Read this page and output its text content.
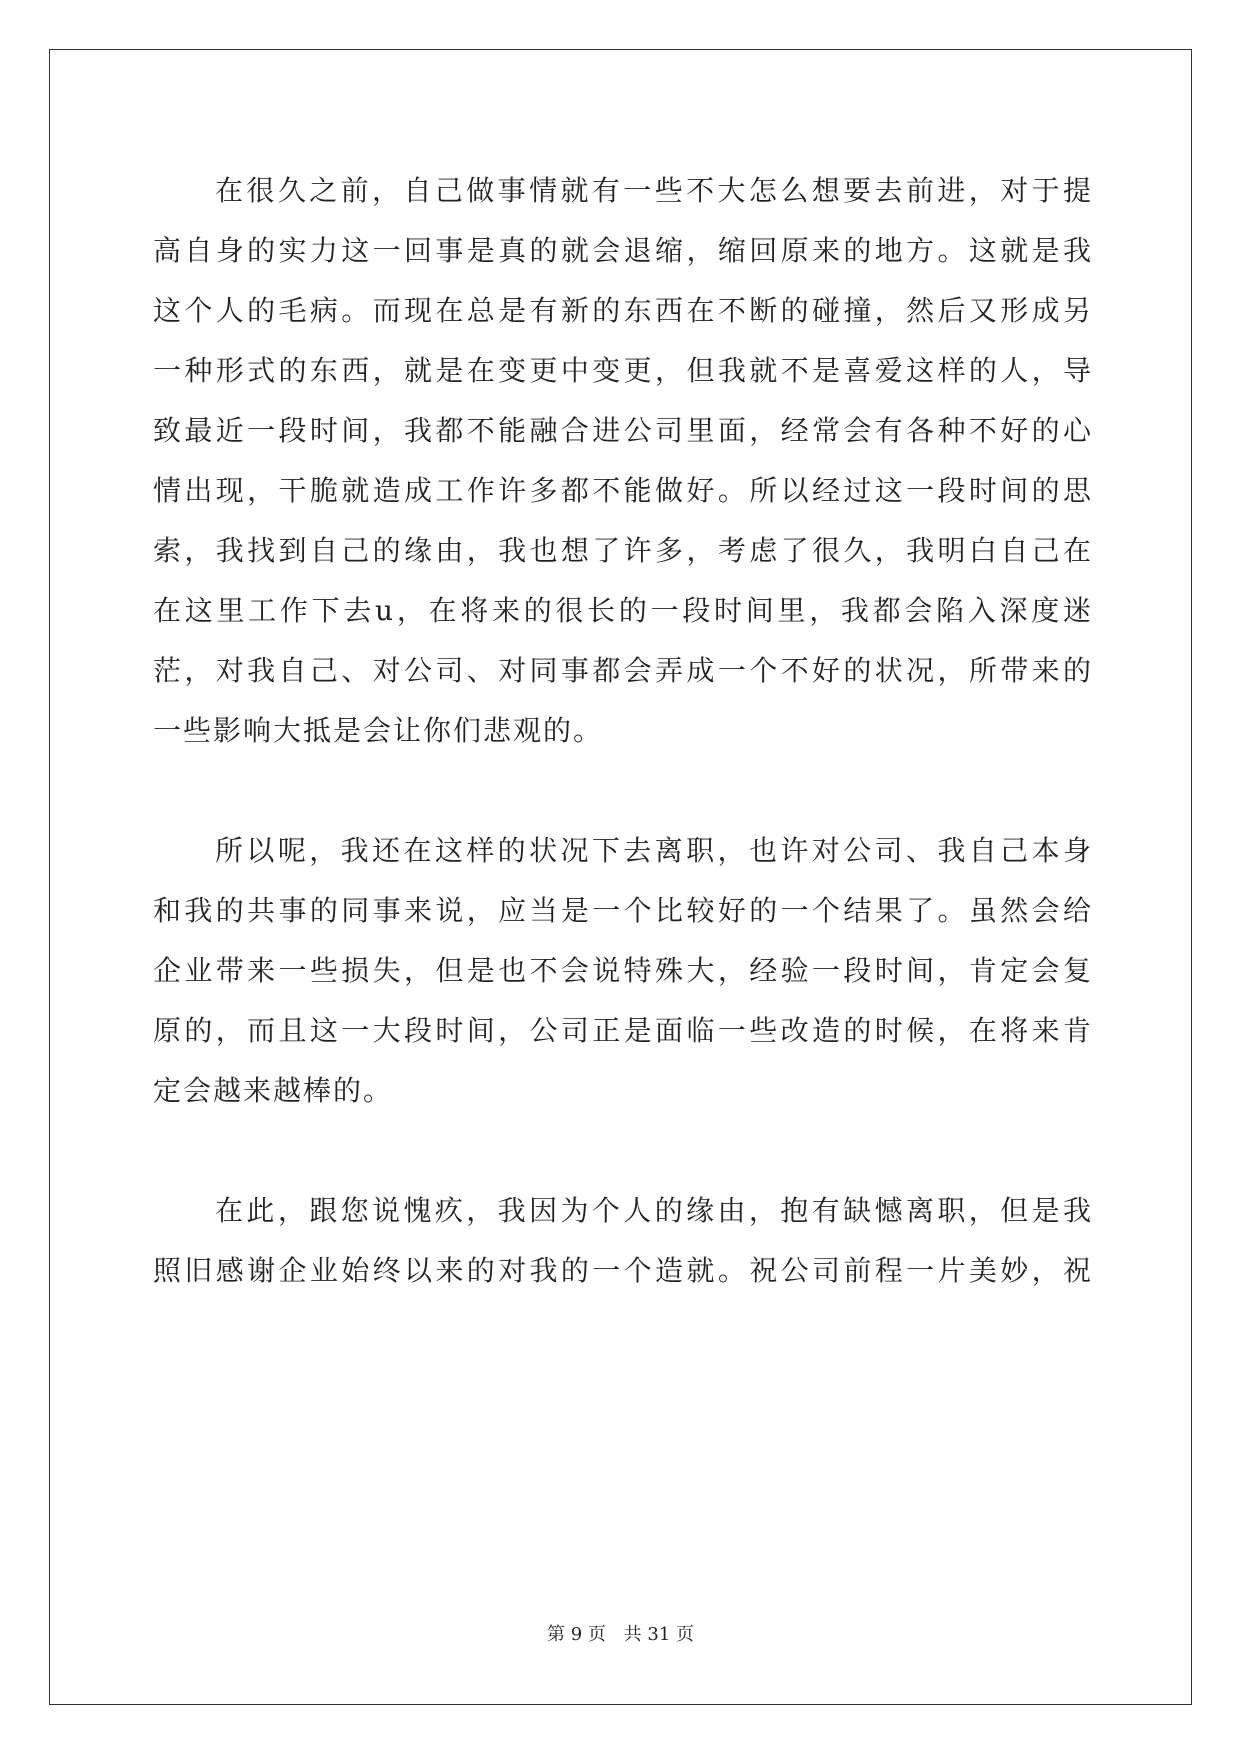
在很久之前，自己做事情就有一些不大怎么想要去前进，对于提
高自身的实力这一回事是真的就会退缩，缩回原来的地方。这就是我
这个人的毛病。而现在总是有新的东西在不断的碰撞，然后又形成另
一种形式的东西，就是在变更中变更，但我就不是喜爱这样的人，导
致最近一段时间，我都不能融合进公司里面，经常会有各种不好的心
情出现，干脆就造成工作许多都不能做好。所以经过这一段时间的思
索，我找到自己的缘由，我也想了许多，考虑了很久，我明白自己在
在这里工作下去u，在将来的很长的一段时间里，我都会陷入深度迷
茫，对我自己、对公司、对同事都会弄成一个不好的状况，所带来的
一些影响大抵是会让你们悲观的。
所以呢，我还在这样的状况下去离职，也许对公司、我自己本身
和我的共事的同事来说，应当是一个比较好的一个结果了。虽然会给
企业带来一些损失，但是也不会说特殊大，经验一段时间，肯定会复
原的，而且这一大段时间，公司正是面临一些改造的时候，在将来肯
定会越来越棒的。
在此，跟您说愧疚，我因为个人的缘由，抱有缺憾离职，但是我
照旧感谢企业始终以来的对我的一个造就。祝公司前程一片美妙，祝
第 9 页 共 31 页
